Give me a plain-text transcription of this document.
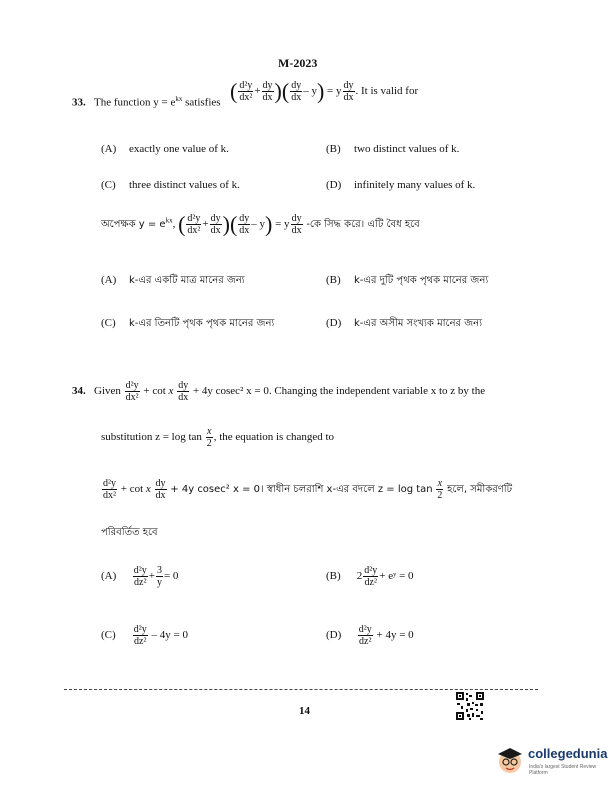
M-2023
33. The function $y = e^{kx}$ satisfies ( $\frac{\text{d²y}}{\text{dx²}} + \frac{dy}{dx}$ )( $\frac{dy}{dx} - y) = y \frac{dy}{dx}$ . It is valid for
(A) exactly one value of k.	(B) two distinct values of k.
(C) three distinct values of k.	(D) infinitely many values of k.
অপেক্ষক $y = e^{kx}$, ( $\frac{\text{d²y}}{\text{dx²}} + \frac{dy}{dx}$ )( $\frac{dy}{dx} - y) = y \frac{dy}{dx}$ -কে সিদ্ধ করে। এটি বৈধ হবে
(A) k-এর একটি মাত্র মানের জন্য	(B) k-এর দুটি পৃথক পৃথক মানের জন্য
(C) k-এর তিনটি পৃথক পৃথক মানের জন্য	(D) k-এর অসীম সংখ্যক মানের জন্য
34. Given $\frac{\text{d²y}}{\text{dx²}} + \cot x \frac{dy}{dx} + 4y$ cosec² x = 0. Changing the independent variable x to z by the
substitution $z = \log \tan \frac{x}{2}$ , the equation is changed to
$\frac{\text{d²y}}{\text{dx²}} + \cot x \frac{dy}{dx} + 4y$ cosec² x = 0। স্বাধীন চলরাশি x-এর বদলে $z = \log \tan \frac{x}{2}$ হলে, সমীকরণটি
পরিবর্তিত হবে
$(A) \frac{\text{d²y}}{\text{dz²}} + \frac{3}{y} = 0$	(B) $2 \frac{\text{d²y}}{\text{dz²}}$ + eʸ = 0
$(C) \frac{\text{d²y}}{\text{dz²}} - 4y = 0$	$(D) \frac{\text{d²y}}{\text{dz²}} + 4y = 0$
14
collegedunia
India's largest Student Review Platform
